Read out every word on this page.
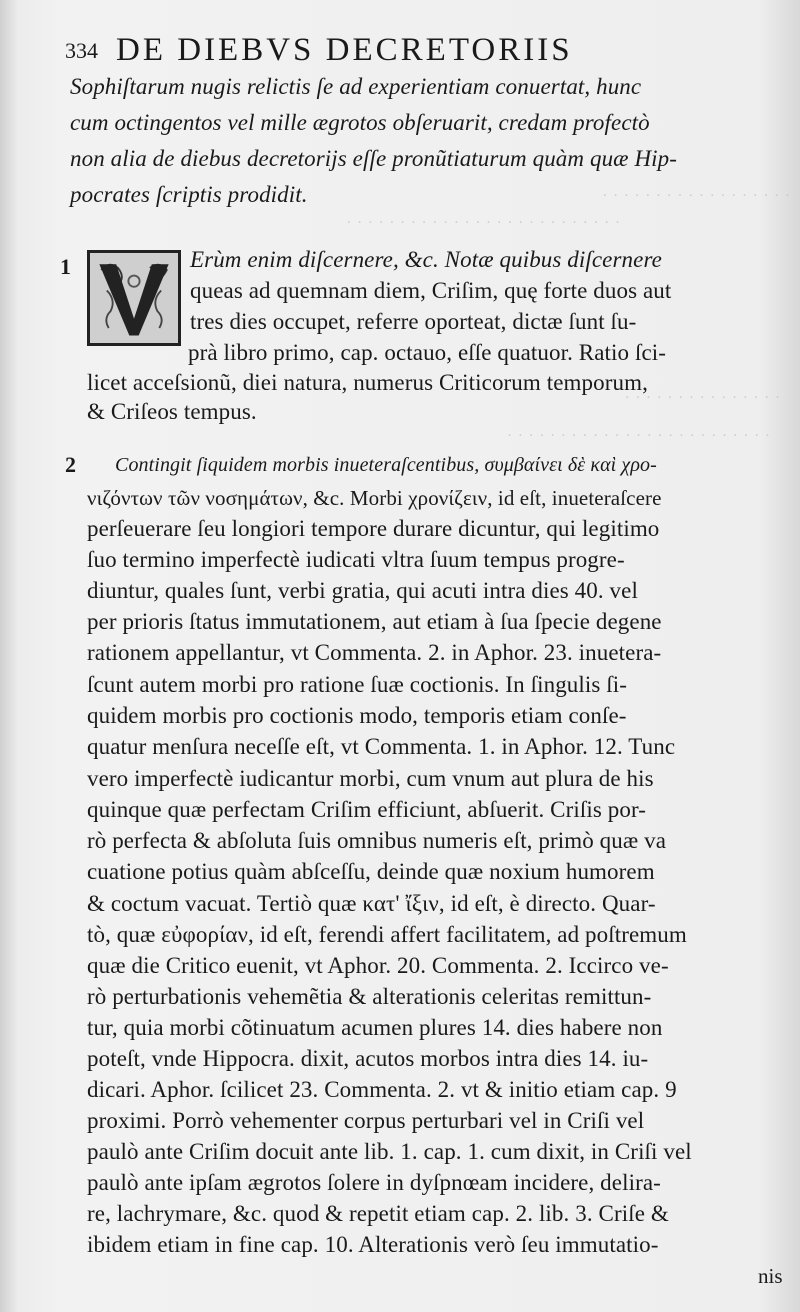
· · · · · · · · · · · · · · · · · ·
· · · · · · · · · · · · · · · · · · · · · · · · · ·
· · · · · · · · · · · · · · ·
· · · · · · · · · · · · · · · · · · · · · · · · ·
334 DE DIEBVS DECRETORIIS
Sophiſtarum nugis relictis ſe ad experientiam conuertat, hunc
cum octingentos vel mille ægrotos obſeruarit, credam profectò
non alia de diebus decretorijs eſſe pronũtiaturum quàm quæ Hip-
pocrates ſcriptis prodidit.
1	Erùm enim diſcernere, &c. Notæ quibus diſcernere
queas ad quemnam diem, Criſim, quę forte duos aut
tres dies occupet, referre oporteat, dictæ ſunt ſu-
prà libro primo, cap. octauo, eſſe quatuor. Ratio ſci-
licet acceſsionũ, diei natura, numerus Criticorum temporum,
& Criſeos tempus.
2 Contingit ſiquidem morbis inueteraſcentibus, συμβαίνει δὲ καὶ χρο-
νιζόντων τῶν νοσημάτων, &c. Morbi χρονίζειν, id eſt, inueteraſcere
perſeuerare ſeu longiori tempore durare dicuntur, qui legitimo
ſuo termino imperfectè iudicati vltra ſuum tempus progre-
diuntur, quales ſunt, verbi gratia, qui acuti intra dies 40. vel
per prioris ſtatus immutationem, aut etiam à ſua ſpecie degene
rationem appellantur, vt Commenta. 2. in Aphor. 23. inuetera-
ſcunt autem morbi pro ratione ſuæ coctionis. In ſingulis ſi-
quidem morbis pro coctionis modo, temporis etiam conſe-
quatur menſura neceſſe eſt, vt Commenta. 1. in Aphor. 12. Tunc
vero imperfectè iudicantur morbi, cum vnum aut plura de his
quinque quæ perfectam Criſim efficiunt, abſuerit. Criſis por-
rò perfecta & abſoluta ſuis omnibus numeris eſt, primò quæ va
cuatione potius quàm abſceſſu, deinde quæ noxium humorem
& coctum vacuat. Tertiò quæ κατ' ἴξιν, id eſt, è directo. Quar-
tò, quæ εὐφορίαν, id eſt, ferendi affert facilitatem, ad poſtremum
quæ die Critico euenit, vt Aphor. 20. Commenta. 2. Iccirco ve-
rò perturbationis vehemẽtia & alterationis celeritas remittun-
tur, quia morbi cõtinuatum acumen plures 14. dies habere non
poteſt, vnde Hippocra. dixit, acutos morbos intra dies 14. iu-
dicari. Aphor. ſcilicet 23. Commenta. 2. vt & initio etiam cap. 9
proximi. Porrò vehementer corpus perturbari vel in Criſi vel
paulò ante Criſim docuit ante lib. 1. cap. 1. cum dixit, in Criſi vel
paulò ante ipſam ægrotos ſolere in dyſpnœam incidere, delira-
re, lachrymare, &c. quod & repetit etiam cap. 2. lib. 3. Criſe &
ibidem etiam in fine cap. 10. Alterationis verò ſeu immutatio-
nis
